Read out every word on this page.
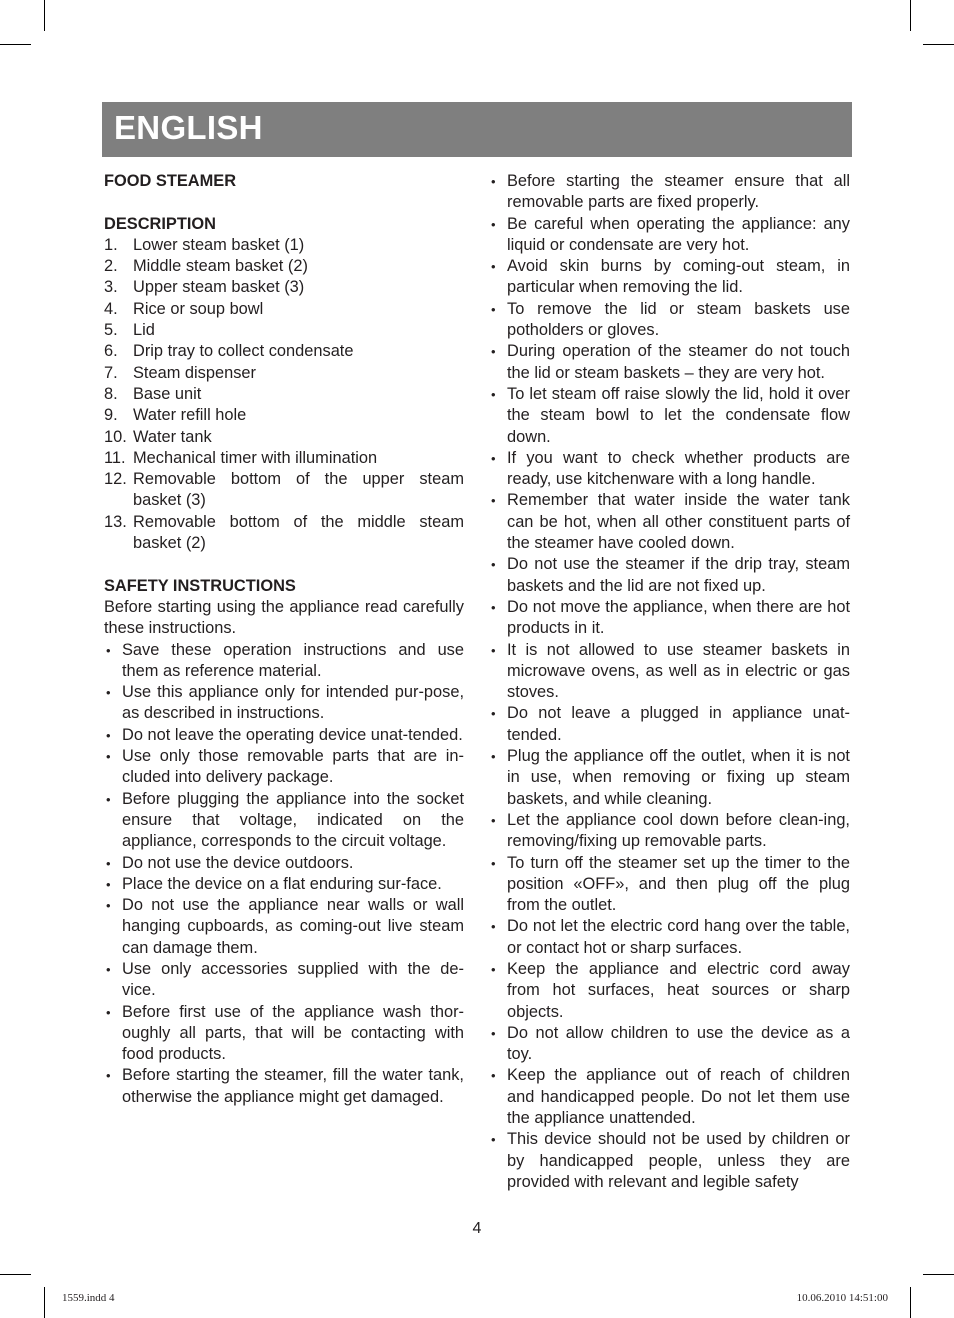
ENGLISH

FOOD STEAMER

DESCRIPTION

1. Lower steam basket (1)
2. Middle steam basket (2)
3. Upper steam basket (3)
4. Rice or soup bowl
5. Lid
6. Drip tray to collect condensate
7. Steam dispenser
8. Base unit
9. Water refill hole
10. Water tank
11. Mechanical timer with illumination
12. Removable bottom of the upper steam basket (3)
13. Removable bottom of the middle steam basket (2)

SAFETY INSTRUCTIONS

Before starting using the appliance read carefully these instructions.

• Save these operation instructions and use them as reference material.
• Use this appliance only for intended pur-pose, as described in instructions.
• Do not leave the operating device unat-tended.
• Use only those removable parts that are in-cluded into delivery package.
• Before plugging the appliance into the socket ensure that voltage, indicated on the appliance, corresponds to the circuit voltage.
• Do not use the device outdoors.
• Place the device on a flat enduring sur-face.
• Do not use the appliance near walls or wall hanging cupboards, as coming-out live steam can damage them.
• Use only accessories supplied with the de-vice.
• Before first use of the appliance wash thor-oughly all parts, that will be contacting with food products.
• Before starting the steamer, fill the water tank, otherwise the appliance might get damaged.
• Before starting the steamer ensure that all removable parts are fixed properly.
• Be careful when operating the appliance: any liquid or condensate are very hot.
• Avoid skin burns by coming-out steam, in particular when removing the lid.
• To remove the lid or steam baskets use potholders or gloves.
• During operation of the steamer do not touch the lid or steam baskets – they are very hot.
• To let steam off raise slowly the lid, hold it over the steam bowl to let the condensate flow down.
• If you want to check whether products are ready, use kitchenware with a long handle.
• Remember that water inside the water tank can be hot, when all other constituent parts of the steamer have cooled down.
• Do not use the steamer if the drip tray, steam baskets and the lid are not fixed up.
• Do not move the appliance, when there are hot products in it.
• It is not allowed to use steamer baskets in microwave ovens, as well as in electric or gas stoves.
• Do not leave a plugged in appliance unat-tended.
• Plug the appliance off the outlet, when it is not in use, when removing or fixing up steam baskets, and while cleaning.
• Let the appliance cool down before clean-ing, removing/fixing up removable parts.
• To turn off the steamer set up the timer to the position «OFF», and then plug off the plug from the outlet.
• Do not let the electric cord hang over the table, or contact hot or sharp surfaces.
• Keep the appliance and electric cord away from hot surfaces, heat sources or sharp objects.
• Do not allow children to use the device as a toy.
• Keep the appliance out of reach of children and handicapped people. Do not let them use the appliance unattended.
• This device should not be used by children or by handicapped people, unless they are provided with relevant and legible safety
4
1559.indd 4	10.06.2010 14:51:00
